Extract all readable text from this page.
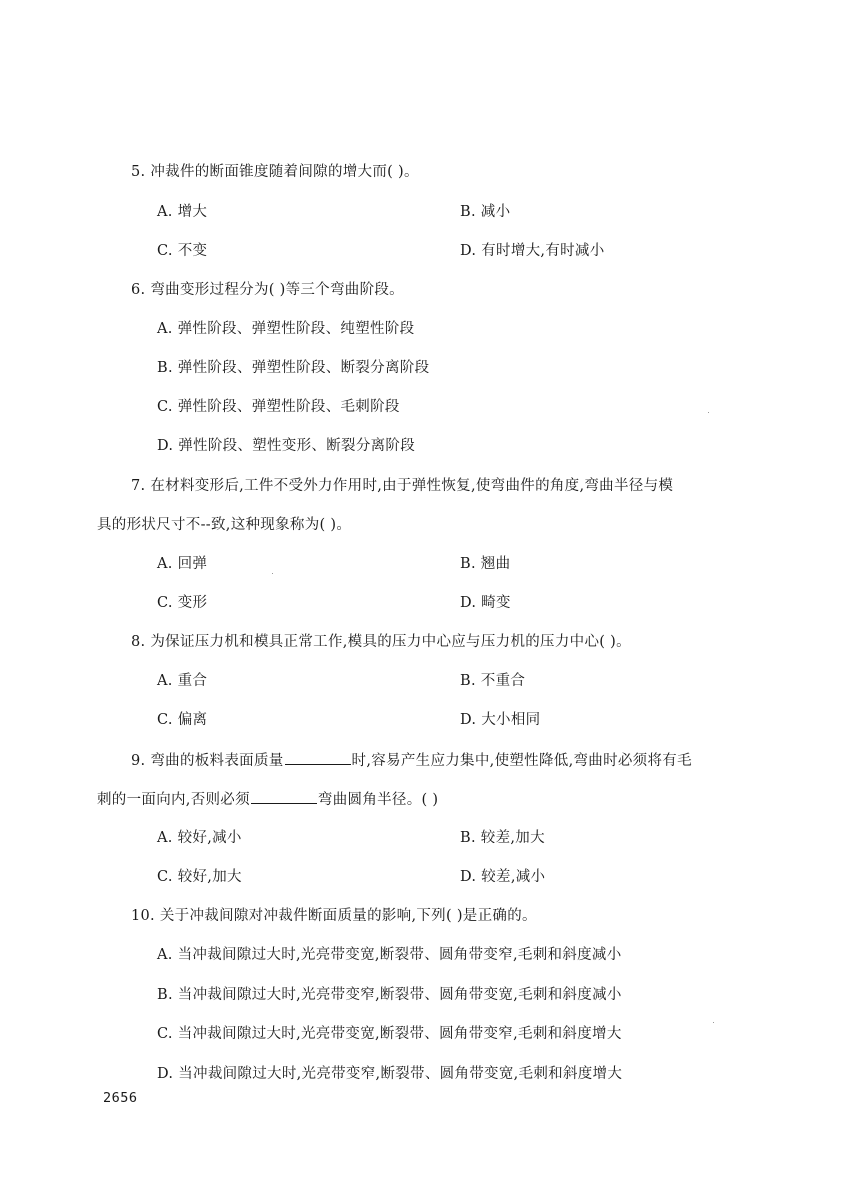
5. 冲裁件的断面锥度随着间隙的增大而( )。
A. 增大	B. 减小
C. 不变	D. 有时增大,有时减小
6. 弯曲变形过程分为( )等三个弯曲阶段。
A. 弹性阶段、弹塑性阶段、纯塑性阶段
B. 弹性阶段、弹塑性阶段、断裂分离阶段
C. 弹性阶段、弹塑性阶段、毛刺阶段
D. 弹性阶段、塑性变形、断裂分离阶段
7. 在材料变形后,工件不受外力作用时,由于弹性恢复,使弯曲件的角度,弯曲半径与模
具的形状尺寸不--致,这种现象称为( )。
A. 回弹	B. 翘曲
C. 变形	D. 畸变
8. 为保证压力机和模具正常工作,模具的压力中心应与压力机的压力中心( )。
A. 重合	B. 不重合
C. 偏离	D. 大小相同
9. 弯曲的板料表面质量	时,容易产生应力集中,使塑性降低,弯曲时必须将有毛
刺的一面向内,否则必须	弯曲圆角半径。( )
A. 较好,减小	B. 较差,加大
C. 较好,加大	D. 较差,减小
10. 关于冲裁间隙对冲裁件断面质量的影响,下列( )是正确的。
A. 当冲裁间隙过大时,光亮带变宽,断裂带、圆角带变窄,毛刺和斜度减小
B. 当冲裁间隙过大时,光亮带变窄,断裂带、圆角带变宽,毛刺和斜度减小
C. 当冲裁间隙过大时,光亮带变宽,断裂带、圆角带变窄,毛刺和斜度增大
D. 当冲裁间隙过大时,光亮带变窄,断裂带、圆角带变宽,毛刺和斜度增大
2656
